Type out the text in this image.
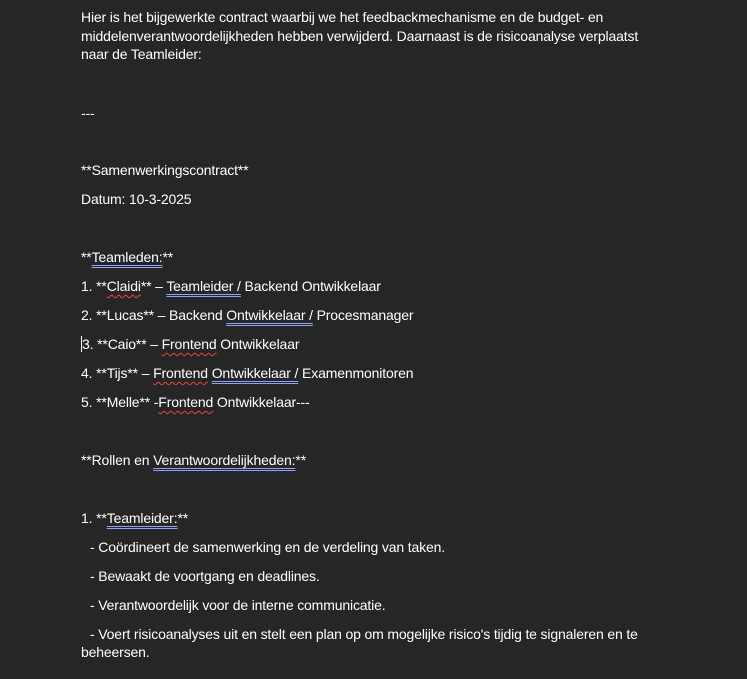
Hier is het bijgewerkte contract waarbij we het feedbackmechanisme en de budget- en
middelenverantwoordelijkheden hebben verwijderd. Daarnaast is de risicoanalyse verplaatst
naar de Teamleider:
---
**Samenwerkingscontract**
Datum: 10-3-2025
**Teamleden:**
1. **Claidi** – Teamleider / Backend Ontwikkelaar
2. **Lucas** – Backend Ontwikkelaar / Procesmanager
3. **Caio** – Frontend Ontwikkelaar
4. **Tijs** – Frontend Ontwikkelaar / Examenmonitoren
5. **Melle** -Frontend Ontwikkelaar---
**Rollen en Verantwoordelijkheden:**
1. **Teamleider:**
- Coördineert de samenwerking en de verdeling van taken.
- Bewaakt de voortgang en deadlines.
- Verantwoordelijk voor de interne communicatie.
- Voert risicoanalyses uit en stelt een plan op om mogelijke risico's tijdig te signaleren en te
beheersen.
